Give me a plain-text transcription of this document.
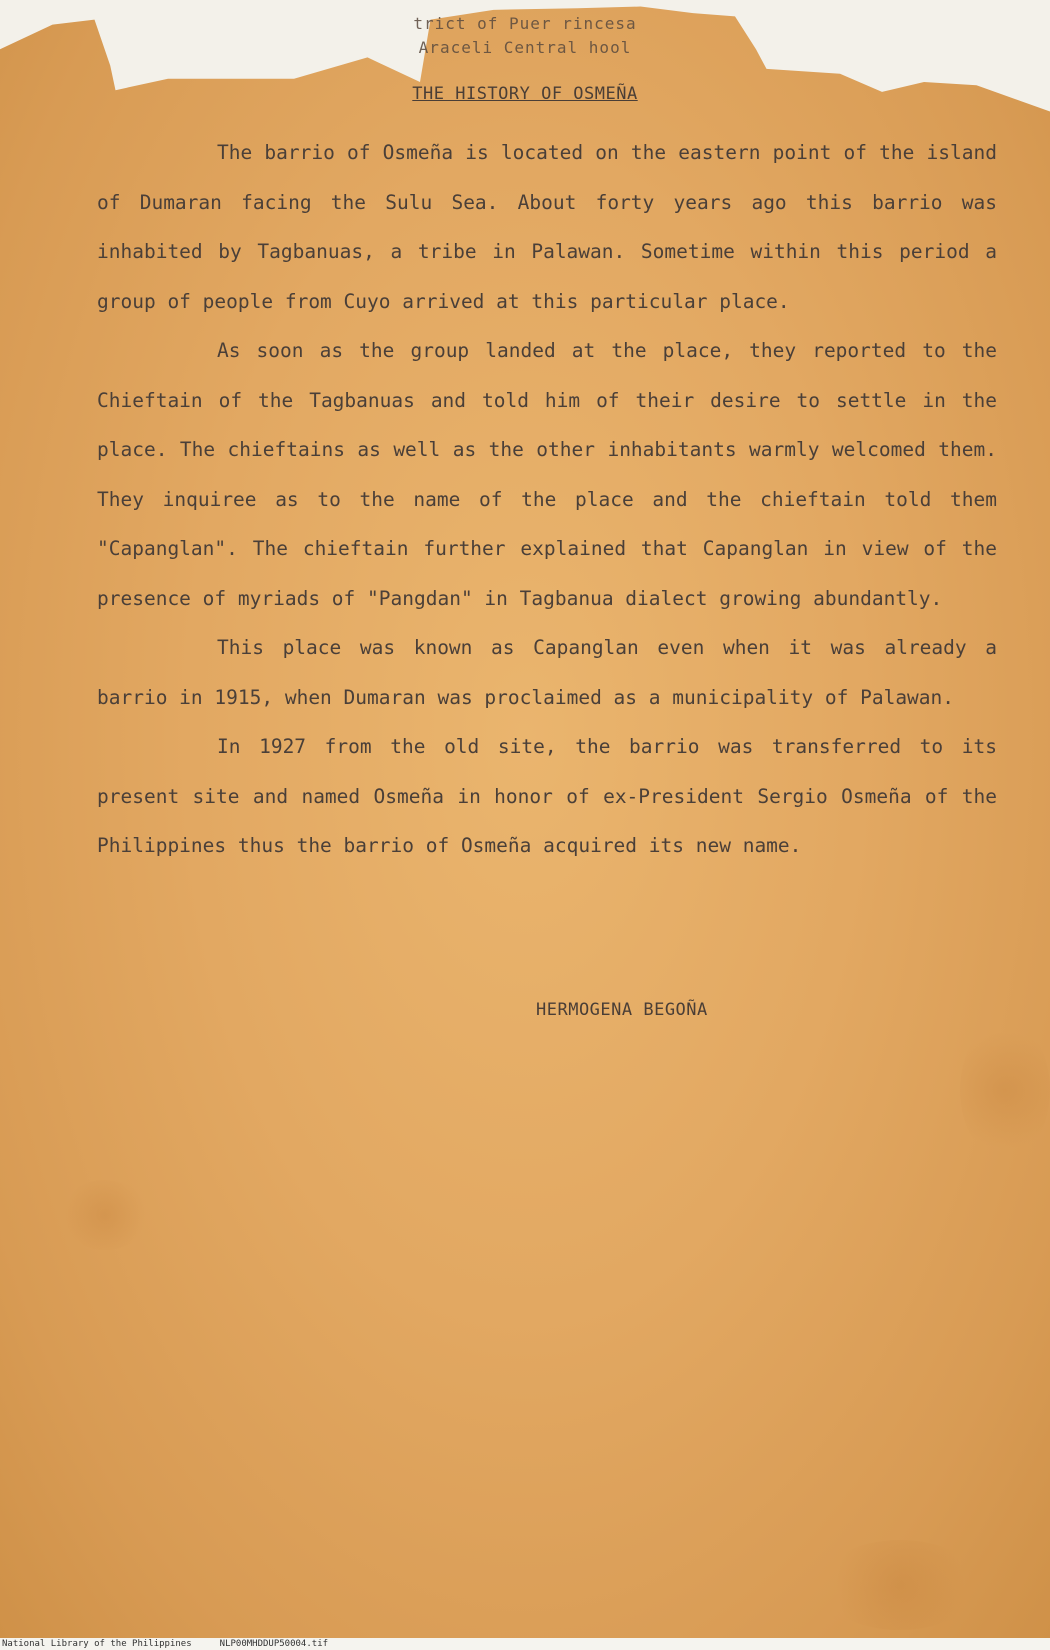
trict of Puer rincesa
Araceli Central hool
THE HISTORY OF OSMEÑA

The barrio of Osmeña is located on the eastern point of the island of Dumaran facing the Sulu Sea. About forty years ago this barrio was inhabited by Tagbanuas, a tribe in Palawan. Sometime within this period a group of people from Cuyo arrived at this particular place.

As soon as the group landed at the place, they reported to the Chieftain of the Tagbanuas and told him of their desire to settle in the place. The chieftains as well as the other inhabitants warmly welcomed them. They inquiree as to the name of the place and the chieftain told them "Capanglan". The chieftain further explained that Capanglan in view of the presence of myriads of "Pangdan" in Tagbanua dialect growing abundantly.

This place was known as Capanglan even when it was already a barrio in 1915, when Dumaran was proclaimed as a municipality of Palawan.

In 1927 from the old site, the barrio was transferred to its present site and named Osmeña in honor of ex-President Sergio Osmeña of the Philippines thus the barrio of Osmeña acquired its new name.

HERMOGENA BEGOÑA
National Library of the Philippines	NLP00MHDDUP50004.tif
